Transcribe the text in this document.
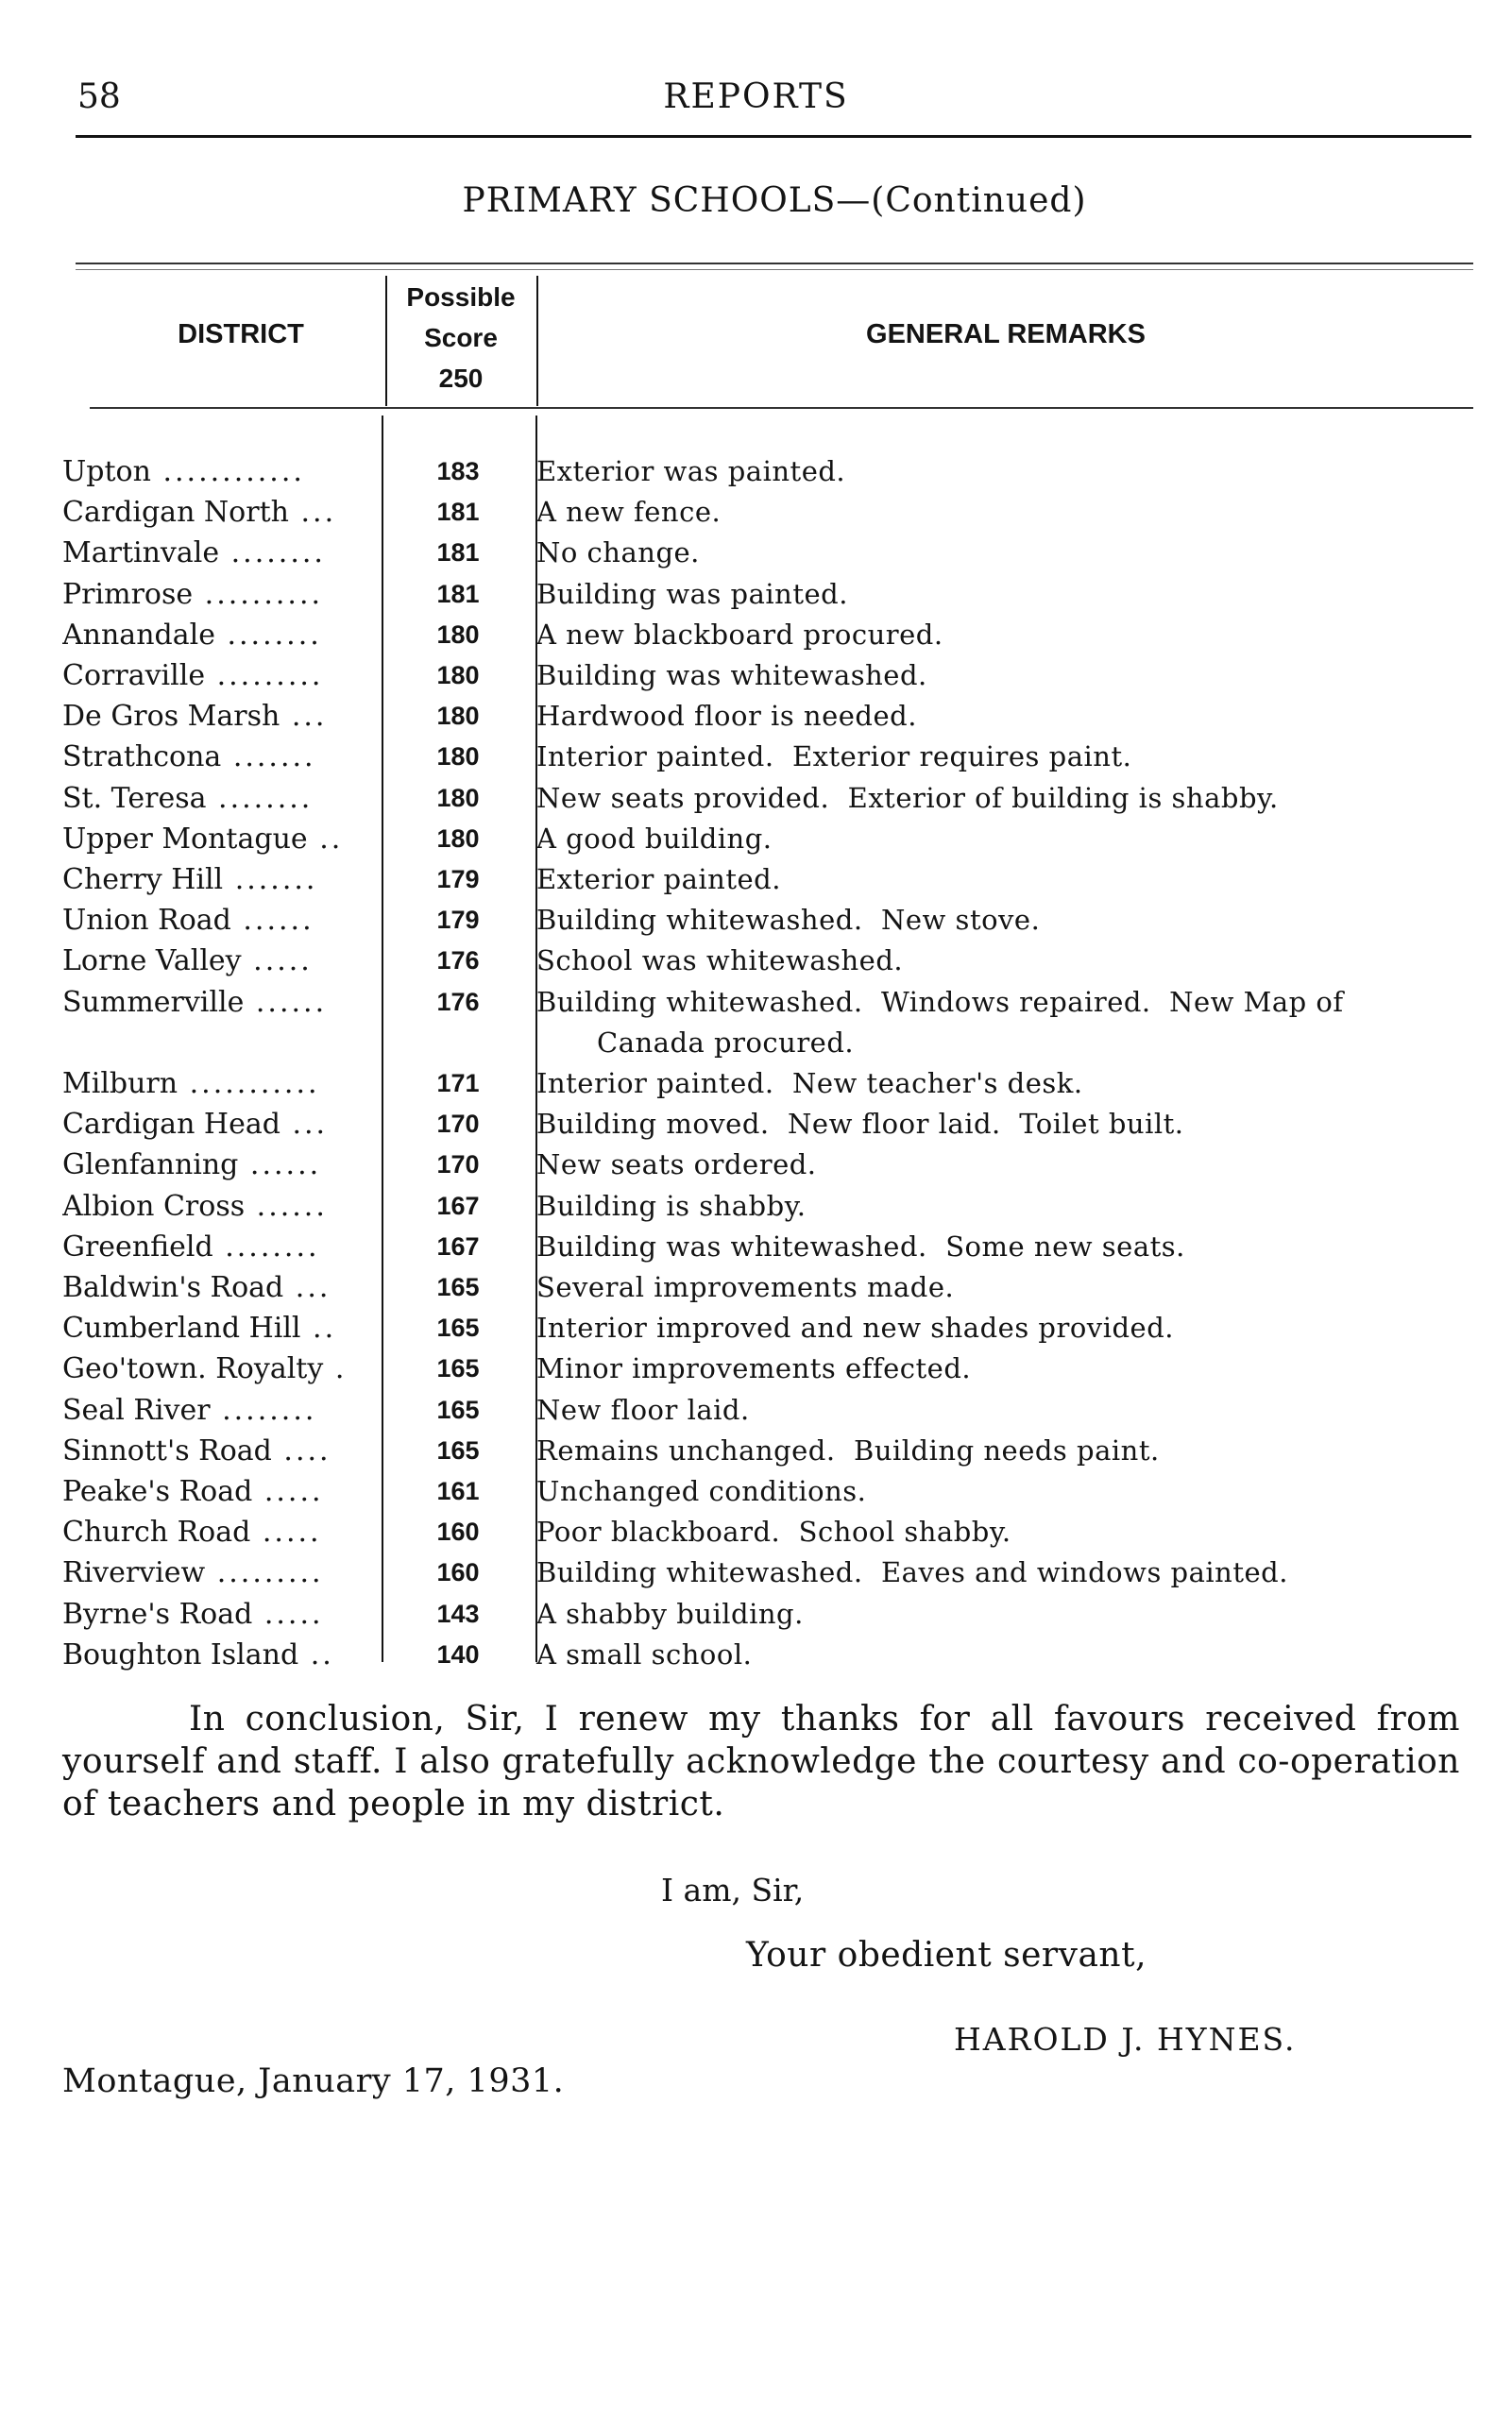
58	REPORTS
PRIMARY SCHOOLS—(Continued)
DISTRICT
Possible
Score
250
GENERAL REMARKS
Upton ............	183	Exterior was painted.
Cardigan North ...	181	A new fence.
Martinvale ........	181	No change.
Primrose ..........	181	Building was painted.
Annandale ........	180	A new blackboard procured.
Corraville .........	180	Building was whitewashed.
De Gros Marsh ...	180	Hardwood floor is needed.
Strathcona .......	180	Interior painted.  Exterior requires paint.
St. Teresa ........	180	New seats provided.  Exterior of building is shabby.
Upper Montague ..	180	A good building.
Cherry Hill .......	179	Exterior painted.
Union Road ......	179	Building whitewashed.  New stove.
Lorne Valley .....	176	School was whitewashed.
Summerville ......	176	Building whitewashed.  Windows repaired.  New Map of
Canada procured.
Milburn ...........	171	Interior painted.  New teacher's desk.
Cardigan Head ...	170	Building moved.  New floor laid.  Toilet built.
Glenfanning ......	170	New seats ordered.
Albion Cross ......	167	Building is shabby.
Greenfield ........	167	Building was whitewashed.  Some new seats.
Baldwin's Road ...	165	Several improvements made.
Cumberland Hill ..	165	Interior improved and new shades provided.
Geo'town. Royalty .	165	Minor improvements effected.
Seal River ........	165	New floor laid.
Sinnott's Road ....	165	Remains unchanged.  Building needs paint.
Peake's Road .....	161	Unchanged conditions.
Church Road .....	160	Poor blackboard.  School shabby.
Riverview .........	160	Building whitewashed.  Eaves and windows painted.
Byrne's Road .....	143	A shabby building.
Boughton Island ..	140	A small school.
In conclusion, Sir, I renew my thanks for all favours received from yourself and staff. I also gratefully acknowledge the courtesy and co-operation of teachers and people in my district.
I am, Sir,
Your obedient servant,
HAROLD J. HYNES.
Montague, January 17, 1931.
